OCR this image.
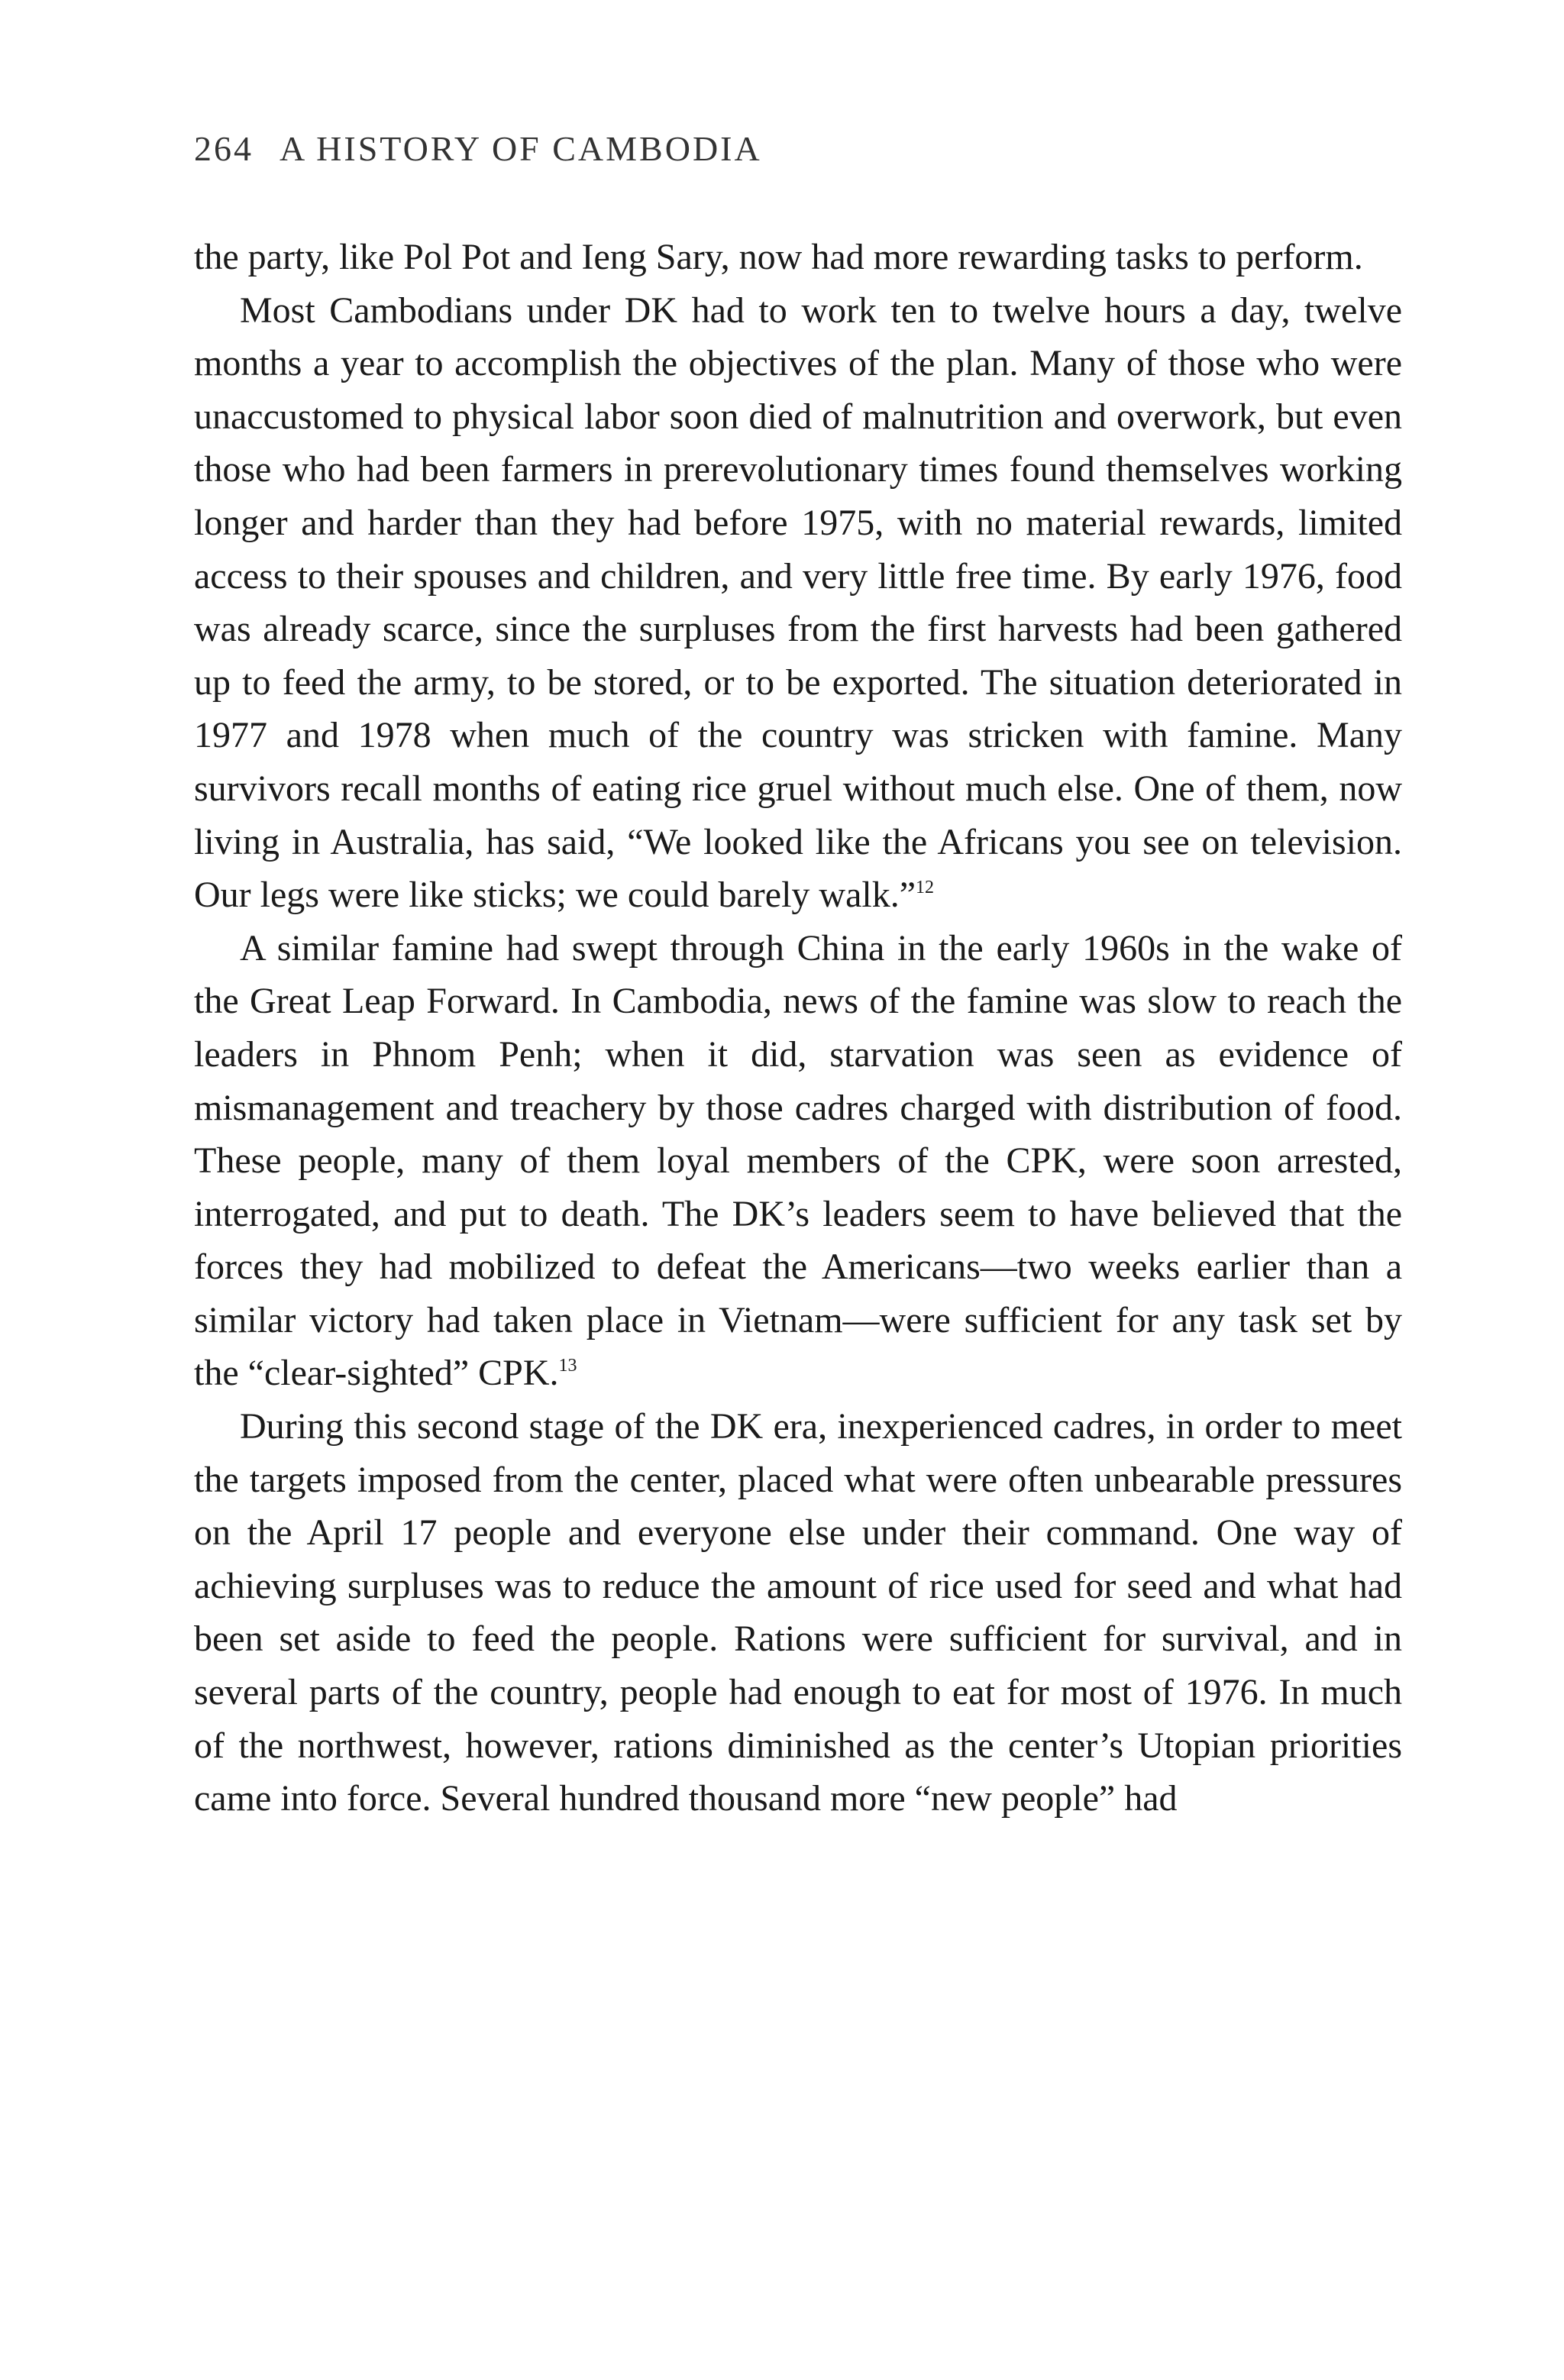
264 A HISTORY OF CAMBODIA

the party, like Pol Pot and Ieng Sary, now had more rewarding tasks to perform.

Most Cambodians under DK had to work ten to twelve hours a day, twelve months a year to accomplish the objectives of the plan. Many of those who were unaccustomed to physical labor soon died of malnutrition and overwork, but even those who had been farmers in prerevolutionary times found themselves working longer and harder than they had before 1975, with no material rewards, limited access to their spouses and children, and very little free time. By early 1976, food was already scarce, since the surpluses from the first harvests had been gathered up to feed the army, to be stored, or to be exported. The situation deteriorated in 1977 and 1978 when much of the country was stricken with famine. Many survivors recall months of eating rice gruel without much else. One of them, now living in Australia, has said, “We looked like the Africans you see on television. Our legs were like sticks; we could barely walk.”$^{12}$

A similar famine had swept through China in the early 1960s in the wake of the Great Leap Forward. In Cambodia, news of the famine was slow to reach the leaders in Phnom Penh; when it did, starvation was seen as evidence of mismanagement and treachery by those cadres charged with distribution of food. These people, many of them loyal members of the CPK, were soon arrested, interrogated, and put to death. The DK’s leaders seem to have believed that the forces they had mobilized to defeat the Americans—two weeks earlier than a similar victory had taken place in Vietnam—were sufficient for any task set by the “clear-sighted” CPK.$^{13}$

During this second stage of the DK era, inexperienced cadres, in order to meet the targets imposed from the center, placed what were often unbearable pressures on the April 17 people and everyone else under their command. One way of achieving surpluses was to reduce the amount of rice used for seed and what had been set aside to feed the people. Rations were sufficient for survival, and in several parts of the country, people had enough to eat for most of 1976. In much of the northwest, however, rations diminished as the center’s Utopian priorities came into force. Several hundred thousand more “new people” had
